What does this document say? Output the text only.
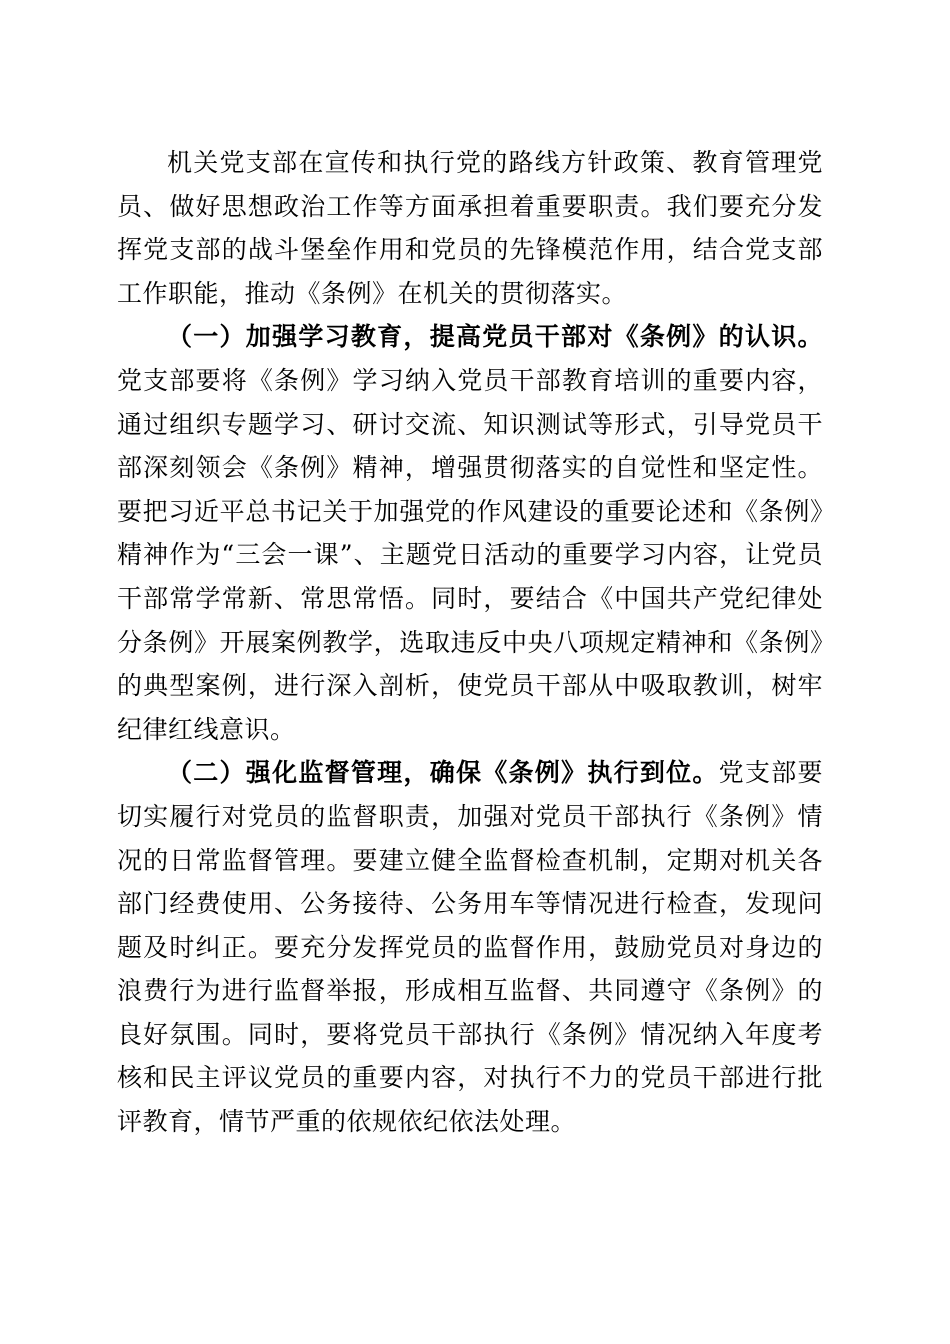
机关党支部在宣传和执行党的路线方针政策、教育管理党员、做好思想政治工作等方面承担着重要职责。我们要充分发挥党支部的战斗堡垒作用和党员的先锋模范作用，结合党支部工作职能，推动《条例》在机关的贯彻落实。

（一）加强学习教育，提高党员干部对《条例》的认识。党支部要将《条例》学习纳入党员干部教育培训的重要内容，通过组织专题学习、研讨交流、知识测试等形式，引导党员干部深刻领会《条例》精神，增强贯彻落实的自觉性和坚定性。要把习近平总书记关于加强党的作风建设的重要论述和《条例》精神作为“三会一课”、主题党日活动的重要学习内容，让党员干部常学常新、常思常悟。同时，要结合《中国共产党纪律处分条例》开展案例教学，选取违反中央八项规定精神和《条例》的典型案例，进行深入剖析，使党员干部从中吸取教训，树牢纪律红线意识。

（二）强化监督管理，确保《条例》执行到位。党支部要切实履行对党员的监督职责，加强对党员干部执行《条例》情况的日常监督管理。要建立健全监督检查机制，定期对机关各部门经费使用、公务接待、公务用车等情况进行检查，发现问题及时纠正。要充分发挥党员的监督作用，鼓励党员对身边的浪费行为进行监督举报，形成相互监督、共同遵守《条例》的良好氛围。同时，要将党员干部执行《条例》情况纳入年度考核和民主评议党员的重要内容，对执行不力的党员干部进行批评教育，情节严重的依规依纪依法处理。
